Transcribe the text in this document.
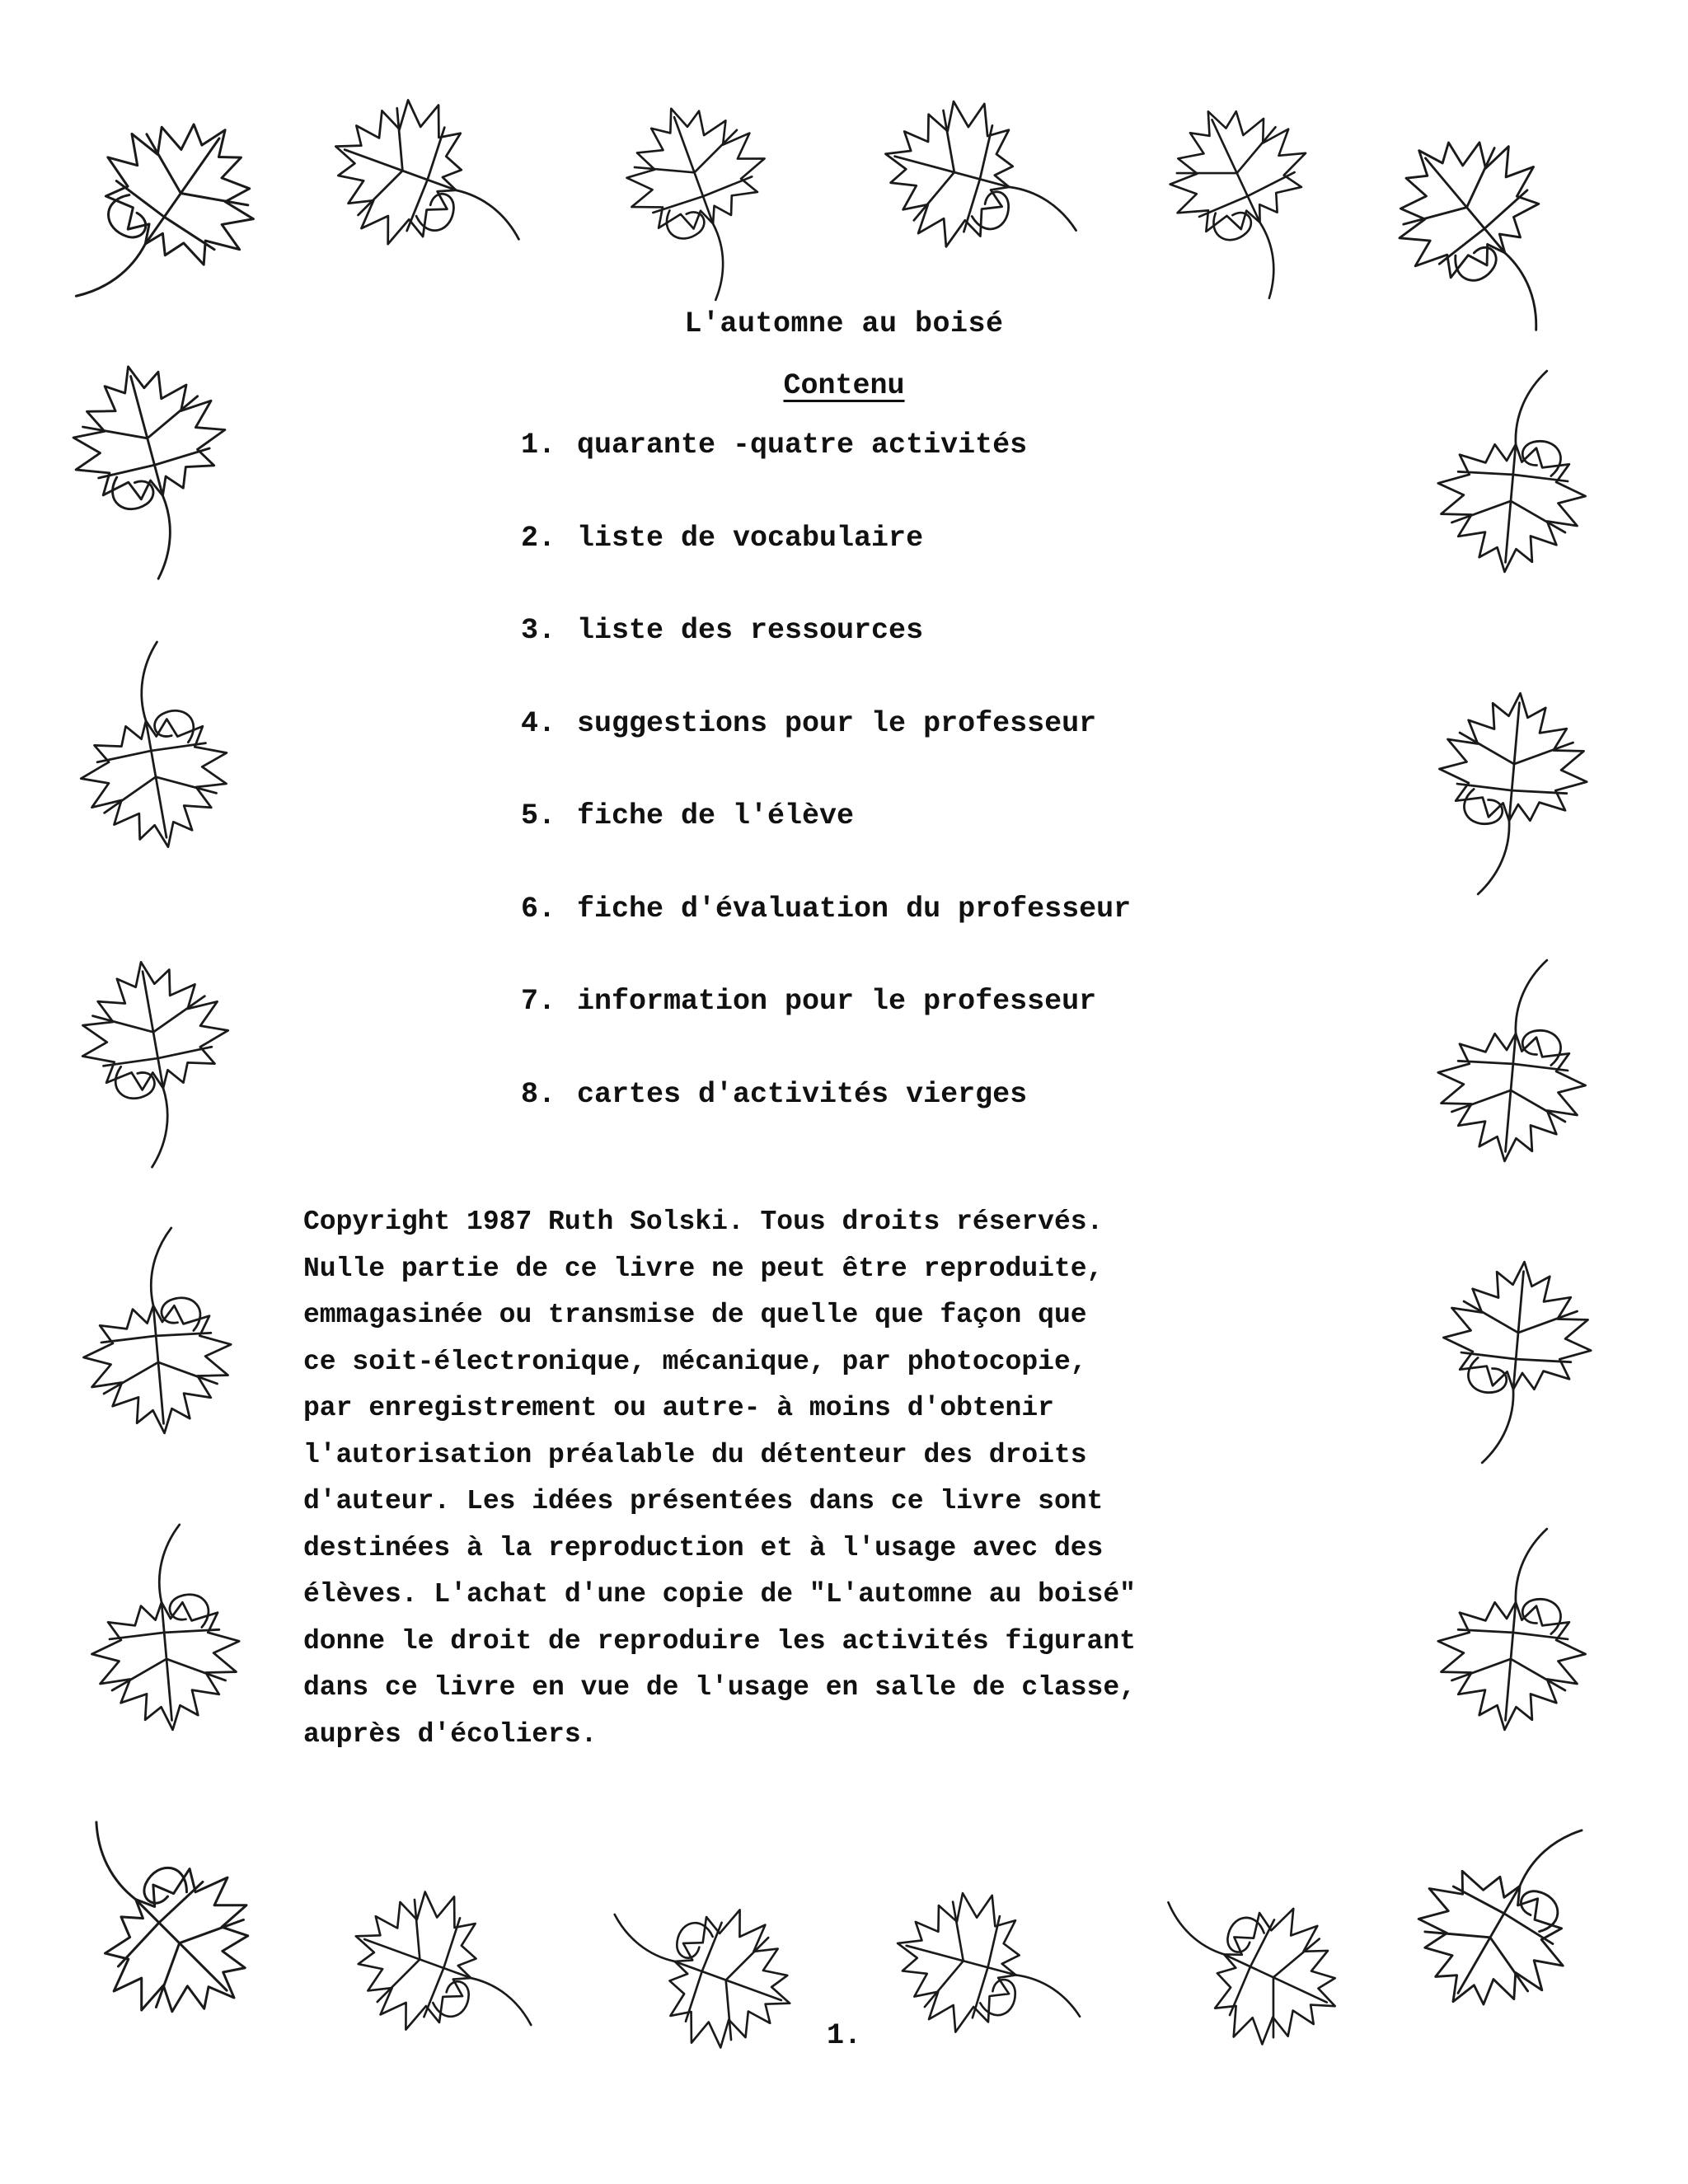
L'automne au boisé
Contenu
1. quarante -quatre activités
2. liste de vocabulaire
3. liste des ressources
4. suggestions pour le professeur
5. fiche de l'élève
6. fiche d'évaluation du professeur
7. information pour le professeur
8. cartes d'activités vierges

Copyright 1987 Ruth Solski. Tous droits réservés.
Nulle partie de ce livre ne peut être reproduite,
emmagasinée ou transmise de quelle que façon que
ce soit-électronique, mécanique, par photocopie,
par enregistrement ou autre- à moins d'obtenir
l'autorisation préalable du détenteur des droits
d'auteur. Les idées présentées dans ce livre sont
destinées à la reproduction et à l'usage avec des
élèves. L'achat d'une copie de "L'automne au boisé"
donne le droit de reproduire les activités figurant
dans ce livre en vue de l'usage en salle de classe,
auprès d'écoliers.

1.
